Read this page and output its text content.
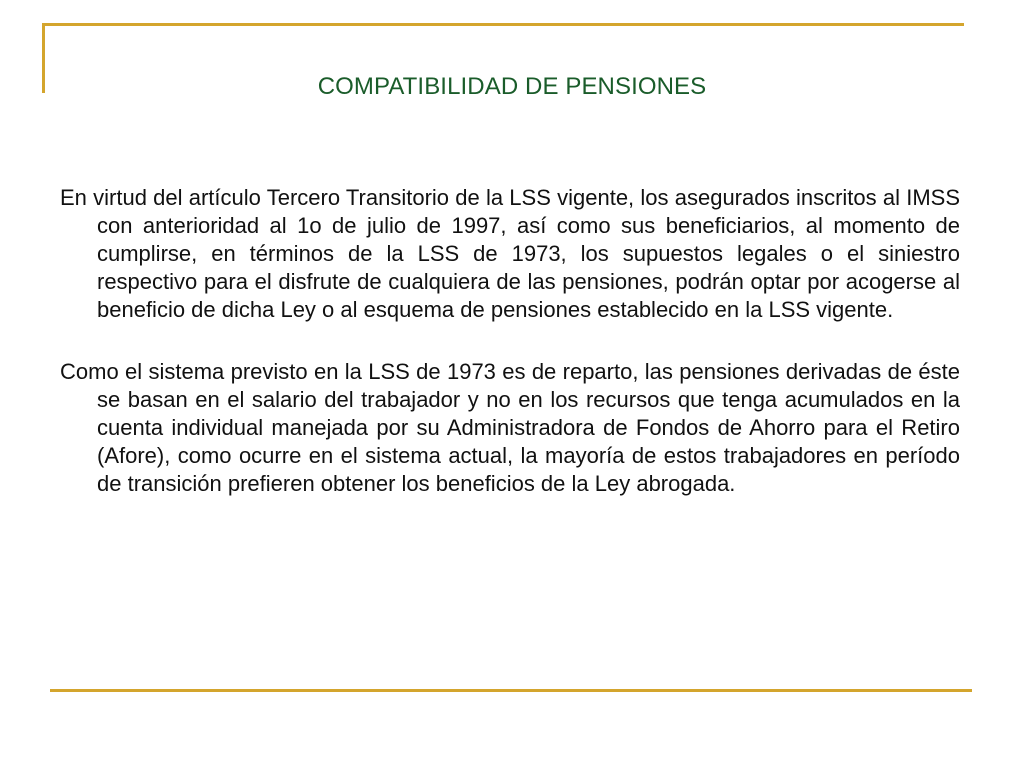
COMPATIBILIDAD DE PENSIONES

En virtud del artículo Tercero Transitorio de la LSS vigente, los asegurados inscritos al IMSS con anterioridad al 1o de julio de 1997, así como sus beneficiarios, al momento de cumplirse, en términos de la LSS de 1973, los supuestos legales o el siniestro respectivo para el disfrute de cualquiera de las pensiones, podrán optar por acogerse al beneficio de dicha Ley o al esquema de pensiones establecido en la LSS vigente.

Como el sistema previsto en la LSS de 1973 es de reparto, las pensiones derivadas de éste se basan en el salario del trabajador y no en los recursos que tenga acumulados en la cuenta individual manejada por su Administradora de Fondos de Ahorro para el Retiro (Afore), como ocurre en el sistema actual, la mayoría de estos trabajadores en período de transición prefieren obtener los beneficios de la Ley abrogada.
